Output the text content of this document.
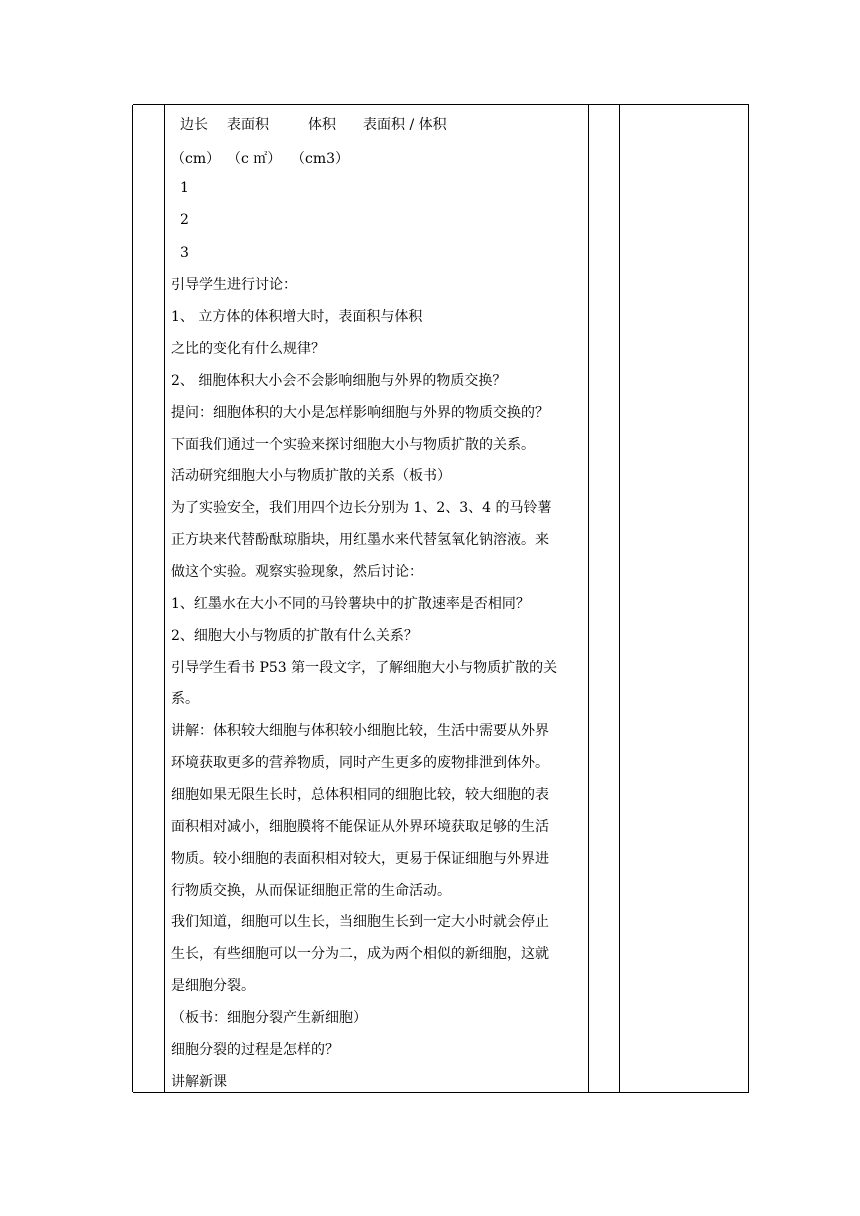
边长 表面积	体积 表面积 / 体积
（cm） （c ㎡） （cm3）
1
2
3
引导学生进行讨论：
1、 立方体的体积增大时，表面积与体积
之比的变化有什么规律？
2、 细胞体积大小会不会影响细胞与外界的物质交换？
提问：细胞体积的大小是怎样影响细胞与外界的物质交换的？
下面我们通过一个实验来探讨细胞大小与物质扩散的关系。
活动研究细胞大小与物质扩散的关系（板书）
为了实验安全，我们用四个边长分别为 1、2、3、4 的马铃薯
正方块来代替酚酞琼脂块，用红墨水来代替氢氧化钠溶液。来
做这个实验。观察实验现象，然后讨论：
1、红墨水在大小不同的马铃薯块中的扩散速率是否相同？
2、细胞大小与物质的扩散有什么关系？
引导学生看书 P53 第一段文字，了解细胞大小与物质扩散的关
系。
讲解：体积较大细胞与体积较小细胞比较，生活中需要从外界
环境获取更多的营养物质，同时产生更多的废物排泄到体外。
细胞如果无限生长时，总体积相同的细胞比较，较大细胞的表
面积相对减小，细胞膜将不能保证从外界环境获取足够的生活
物质。较小细胞的表面积相对较大，更易于保证细胞与外界进
行物质交换，从而保证细胞正常的生命活动。
我们知道，细胞可以生长，当细胞生长到一定大小时就会停止
生长，有些细胞可以一分为二，成为两个相似的新细胞，这就
是细胞分裂。
（板书：细胞分裂产生新细胞）
细胞分裂的过程是怎样的？
讲解新课
